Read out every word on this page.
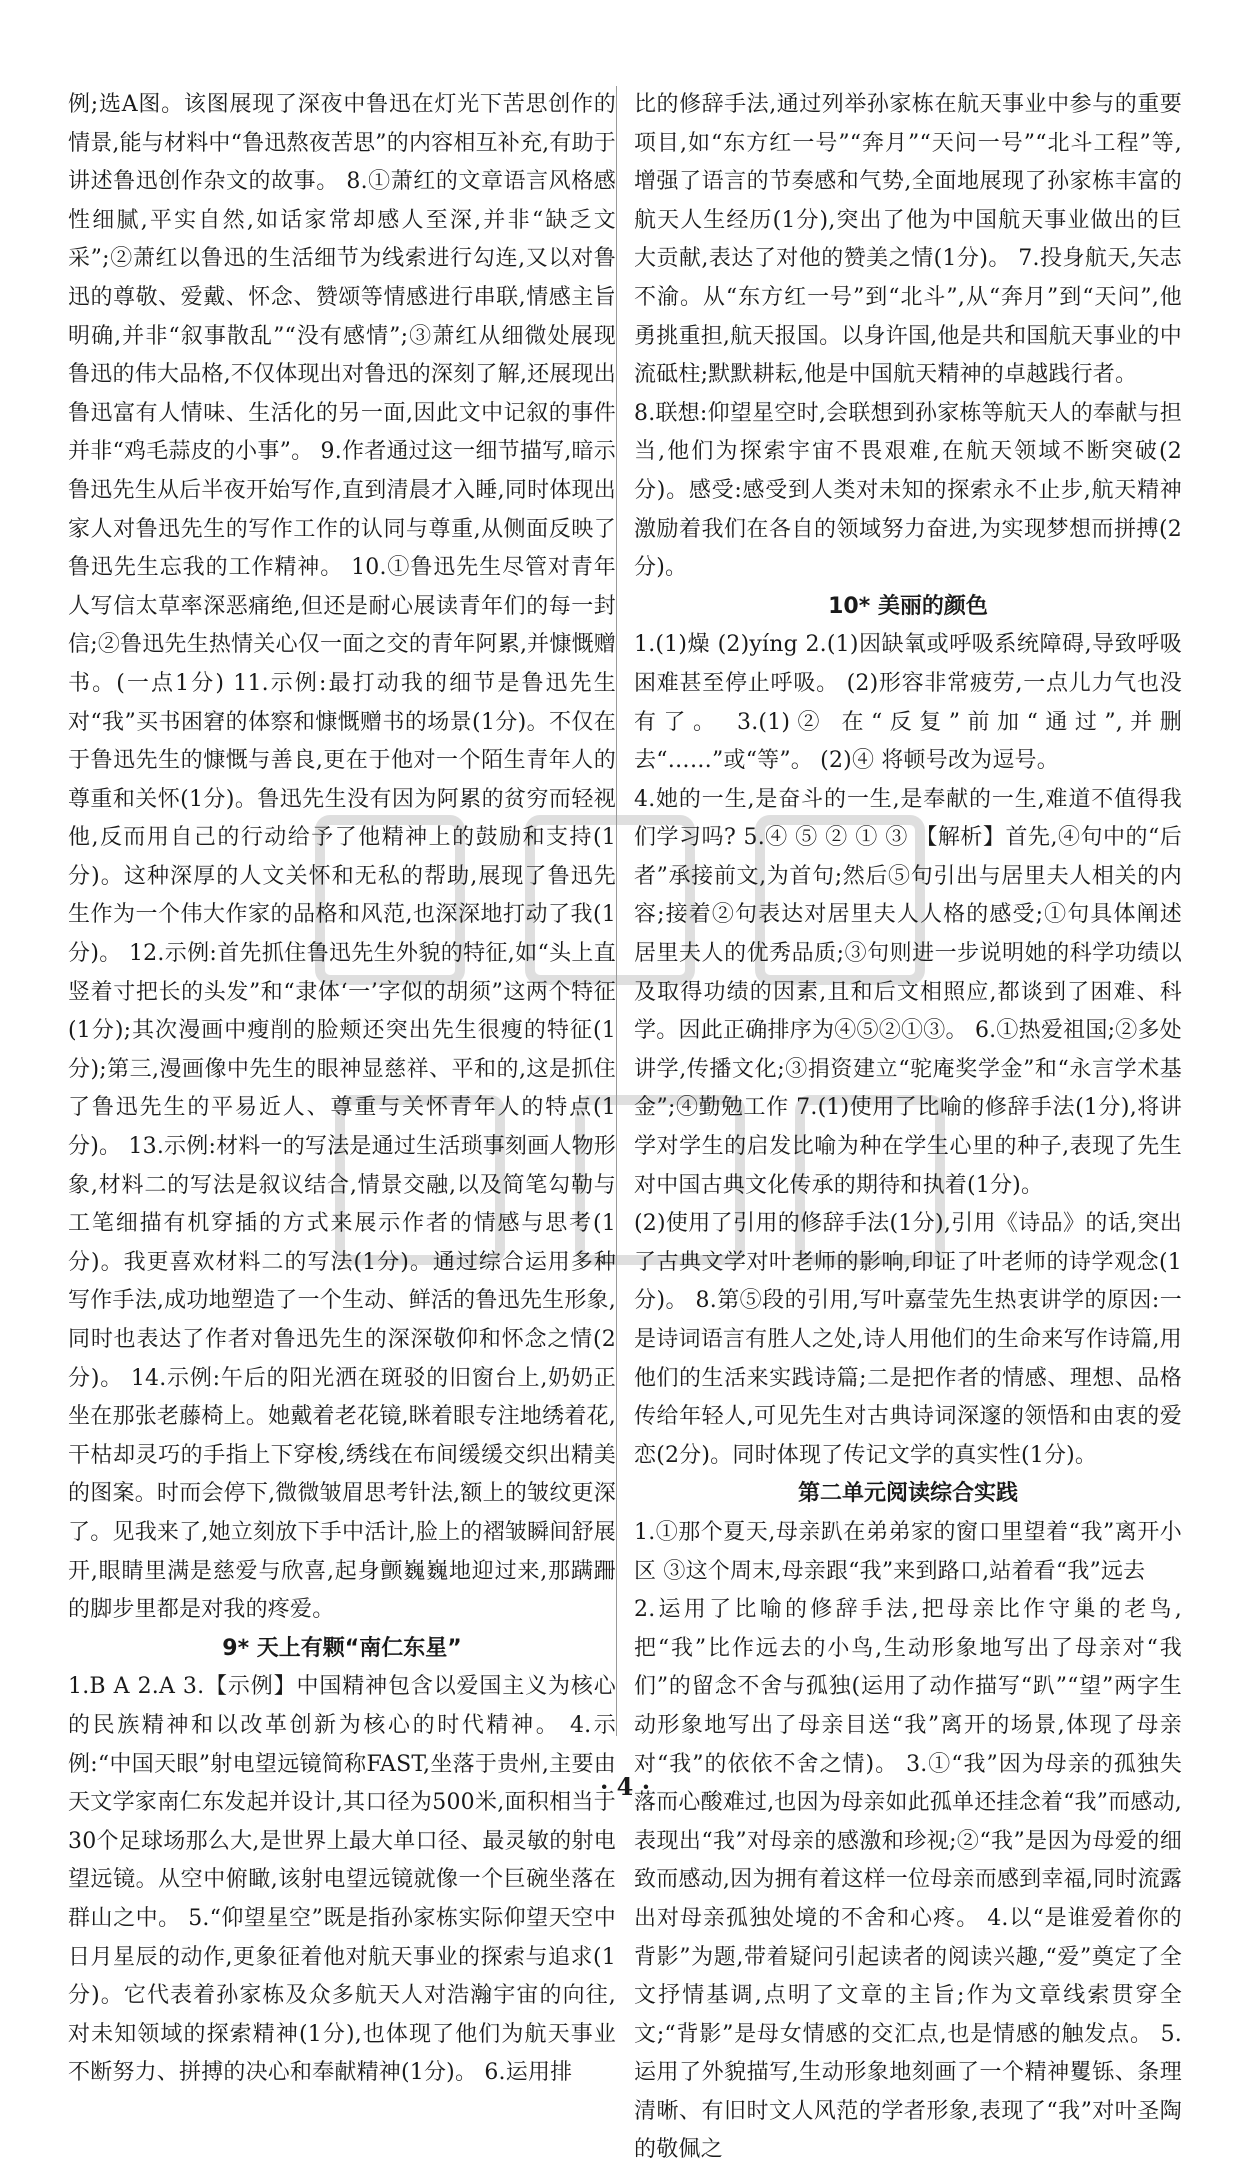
例;选A图。该图展现了深夜中鲁迅在灯光下苦思创作的情景,能与材料中“鲁迅熬夜苦思”的内容相互补充,有助于讲述鲁迅创作杂文的故事。 8.①萧红的文章语言风格感性细腻,平实自然,如话家常却感人至深,并非“缺乏文采”;②萧红以鲁迅的生活细节为线索进行勾连,又以对鲁迅的尊敬、爱戴、怀念、赞颂等情感进行串联,情感主旨明确,并非“叙事散乱”“没有感情”;③萧红从细微处展现鲁迅的伟大品格,不仅体现出对鲁迅的深刻了解,还展现出鲁迅富有人情味、生活化的另一面,因此文中记叙的事件并非“鸡毛蒜皮的小事”。 9.作者通过这一细节描写,暗示鲁迅先生从后半夜开始写作,直到清晨才入睡,同时体现出家人对鲁迅先生的写作工作的认同与尊重,从侧面反映了鲁迅先生忘我的工作精神。 10.①鲁迅先生尽管对青年人写信太草率深恶痛绝,但还是耐心展读青年们的每一封信;②鲁迅先生热情关心仅一面之交的青年阿累,并慷慨赠书。(一点1分) 11.示例:最打动我的细节是鲁迅先生对“我”买书困窘的体察和慷慨赠书的场景(1分)。不仅在于鲁迅先生的慷慨与善良,更在于他对一个陌生青年人的尊重和关怀(1分)。鲁迅先生没有因为阿累的贫穷而轻视他,反而用自己的行动给予了他精神上的鼓励和支持(1分)。这种深厚的人文关怀和无私的帮助,展现了鲁迅先生作为一个伟大作家的品格和风范,也深深地打动了我(1分)。 12.示例:首先抓住鲁迅先生外貌的特征,如“头上直竖着寸把长的头发”和“隶体‘一’字似的胡须”这两个特征(1分);其次漫画中瘦削的脸颊还突出先生很瘦的特征(1分);第三,漫画像中先生的眼神显慈祥、平和的,这是抓住了鲁迅先生的平易近人、尊重与关怀青年人的特点(1分)。 13.示例:材料一的写法是通过生活琐事刻画人物形象,材料二的写法是叙议结合,情景交融,以及简笔勾勒与工笔细描有机穿插的方式来展示作者的情感与思考(1分)。我更喜欢材料二的写法(1分)。通过综合运用多种写作手法,成功地塑造了一个生动、鲜活的鲁迅先生形象,同时也表达了作者对鲁迅先生的深深敬仰和怀念之情(2分)。 14.示例:午后的阳光洒在斑驳的旧窗台上,奶奶正坐在那张老藤椅上。她戴着老花镜,眯着眼专注地绣着花,干枯却灵巧的手指上下穿梭,绣线在布间缓缓交织出精美的图案。时而会停下,微微皱眉思考针法,额上的皱纹更深了。见我来了,她立刻放下手中活计,脸上的褶皱瞬间舒展开,眼睛里满是慈爱与欣喜,起身颤巍巍地迎过来,那蹒跚的脚步里都是对我的疼爱。

9* 天上有颗“南仁东星”

1.B A 2.A 3.【示例】中国精神包含以爱国主义为核心的民族精神和以改革创新为核心的时代精神。 4.示例:“中国天眼”射电望远镜简称FAST,坐落于贵州,主要由天文学家南仁东发起并设计,其口径为500米,面积相当于30个足球场那么大,是世界上最大单口径、最灵敏的射电望远镜。从空中俯瞰,该射电望远镜就像一个巨碗坐落在群山之中。 5.“仰望星空”既是指孙家栋实际仰望天空中日月星辰的动作,更象征着他对航天事业的探索与追求(1分)。它代表着孙家栋及众多航天人对浩瀚宇宙的向往,对未知领域的探索精神(1分),也体现了他们为航天事业不断努力、拼搏的决心和奉献精神(1分)。 6.运用排

比的修辞手法,通过列举孙家栋在航天事业中参与的重要项目,如“东方红一号”“奔月”“天问一号”“北斗工程”等,增强了语言的节奏感和气势,全面地展现了孙家栋丰富的航天人生经历(1分),突出了他为中国航天事业做出的巨大贡献,表达了对他的赞美之情(1分)。 7.投身航天,矢志不渝。从“东方红一号”到“北斗”,从“奔月”到“天问”,他勇挑重担,航天报国。以身许国,他是共和国航天事业的中流砥柱;默默耕耘,他是中国航天精神的卓越践行者。

8.联想:仰望星空时,会联想到孙家栋等航天人的奉献与担当,他们为探索宇宙不畏艰难,在航天领域不断突破(2分)。感受:感受到人类对未知的探索永不止步,航天精神激励着我们在各自的领域努力奋进,为实现梦想而拼搏(2分)。

10* 美丽的颜色

1.(1)燥 (2)yíng 2.(1)因缺氧或呼吸系统障碍,导致呼吸困难甚至停止呼吸。 (2)形容非常疲劳,一点儿力气也没有了。 3.(1)② 在“反复”前加“通过”,并删去“……”或“等”。 (2)④ 将顿号改为逗号。

4.她的一生,是奋斗的一生,是奉献的一生,难道不值得我们学习吗? 5.④ ⑤ ② ① ③ 【解析】首先,④句中的“后者”承接前文,为首句;然后⑤句引出与居里夫人相关的内容;接着②句表达对居里夫人人格的感受;①句具体阐述居里夫人的优秀品质;③句则进一步说明她的科学功绩以及取得功绩的因素,且和后文相照应,都谈到了困难、科学。因此正确排序为④⑤②①③。 6.①热爱祖国;②多处讲学,传播文化;③捐资建立“驼庵奖学金”和“永言学术基金”;④勤勉工作 7.(1)使用了比喻的修辞手法(1分),将讲学对学生的启发比喻为种在学生心里的种子,表现了先生对中国古典文化传承的期待和执着(1分)。

(2)使用了引用的修辞手法(1分),引用《诗品》的话,突出了古典文学对叶老师的影响,印证了叶老师的诗学观念(1分)。 8.第⑤段的引用,写叶嘉莹先生热衷讲学的原因:一是诗词语言有胜人之处,诗人用他们的生命来写作诗篇,用他们的生活来实践诗篇;二是把作者的情感、理想、品格传给年轻人,可见先生对古典诗词深邃的领悟和由衷的爱恋(2分)。同时体现了传记文学的真实性(1分)。

第二单元阅读综合实践

1.①那个夏天,母亲趴在弟弟家的窗口里望着“我”离开小区 ③这个周末,母亲跟“我”来到路口,站着看“我”远去

2.运用了比喻的修辞手法,把母亲比作守巢的老鸟,把“我”比作远去的小鸟,生动形象地写出了母亲对“我们”的留念不舍与孤独(运用了动作描写“趴”“望”两字生动形象地写出了母亲目送“我”离开的场景,体现了母亲对“我”的依依不舍之情)。 3.①“我”因为母亲的孤独失落而心酸难过,也因为母亲如此孤单还挂念着“我”而感动,表现出“我”对母亲的感激和珍视;②“我”是因为母爱的细致而感动,因为拥有着这样一位母亲而感到幸福,同时流露出对母亲孤独处境的不舍和心疼。 4.以“是谁爱着你的背影”为题,带着疑问引起读者的阅读兴趣,“爱”奠定了全文抒情基调,点明了文章的主旨;作为文章线索贯穿全文;“背影”是母女情感的交汇点,也是情感的触发点。 5.运用了外貌描写,生动形象地刻画了一个精神矍铄、条理清晰、有旧时文人风范的学者形象,表现了“我”对叶圣陶的敬佩之

· 4 ·
